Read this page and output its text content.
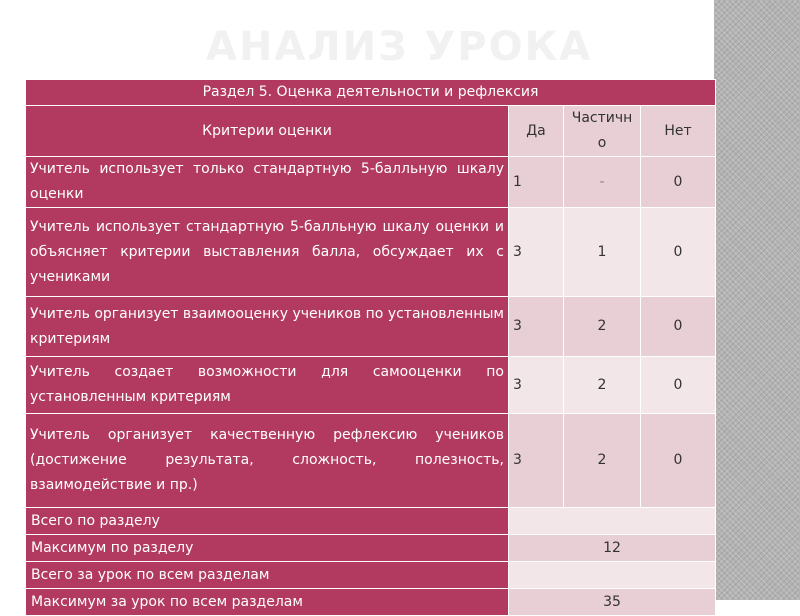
АНАЛИЗ УРОКА
Раздел 5. Оценка деятельности и рефлексия			
Критерии оценки	Да	Частично	Нет
Учитель использует только стандартную 5-балльную шкалу оценки	1	-	0
Учитель использует стандартную 5-балльную шкалу оценки и объясняет критерии выставления балла, обсуждает их с учениками	3	1	0
Учитель организует взаимооценку учеников по установленным критериям	3	2	0
Учитель создает возможности для самооценки по установленным критериям	3	2	0
Учитель организует качественную рефлексию учеников (достижение результата, сложность, полезность, взаимодействие и пр.)	3	2	0
Всего по разделу			
Максимум по разделу	12		
Всего за урок по всем разделам			
Максимум за урок по всем разделам	35		
